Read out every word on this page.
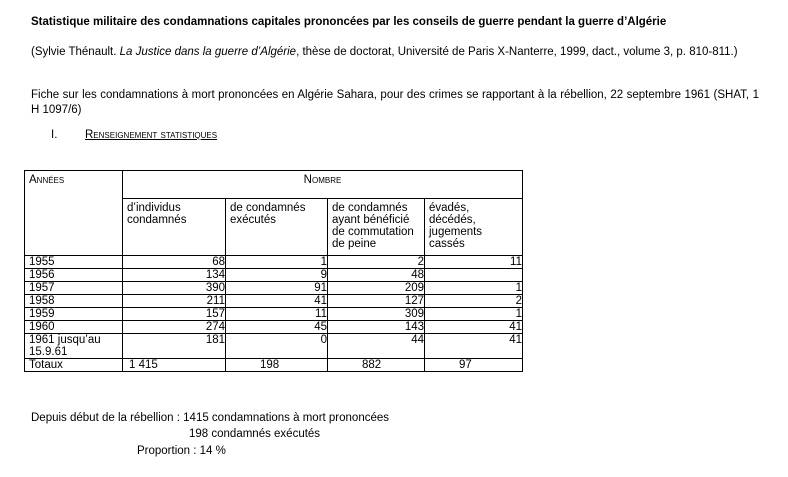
Statistique militaire des condamnations capitales prononcées par les conseils de guerre pendant la guerre d’Algérie
(Sylvie Thénault. La Justice dans la guerre d’Algérie, thèse de doctorat, Université de Paris X-Nanterre, 1999, dact., volume 3, p. 810-811.)
Fiche sur les condamnations à mort prononcées en Algérie Sahara, pour des crimes se rapportant à la rébellion, 22 septembre 1961 (SHAT, 1 H 1097/6)
I. Renseignement statistiques
Années	Nombre			
	d’individus condamnés	de condamnés exécutés	de condamnés ayant bénéficié de commutation de peine	évadés, décédés, jugements cassés
1955	68	1	2	11
1956	134	9	48	
1957	390	91	209	1
1958	211	41	127	2
1959	157	11	309	1
1960	274	45	143	41
1961 jusqu’au 15.9.61	181	0	44	41
Totaux	1 415	198	882	97
Depuis début de la rébellion : 1415 condamnations à mort prononcées
198 condamnés exécutés
Proportion : 14 %
